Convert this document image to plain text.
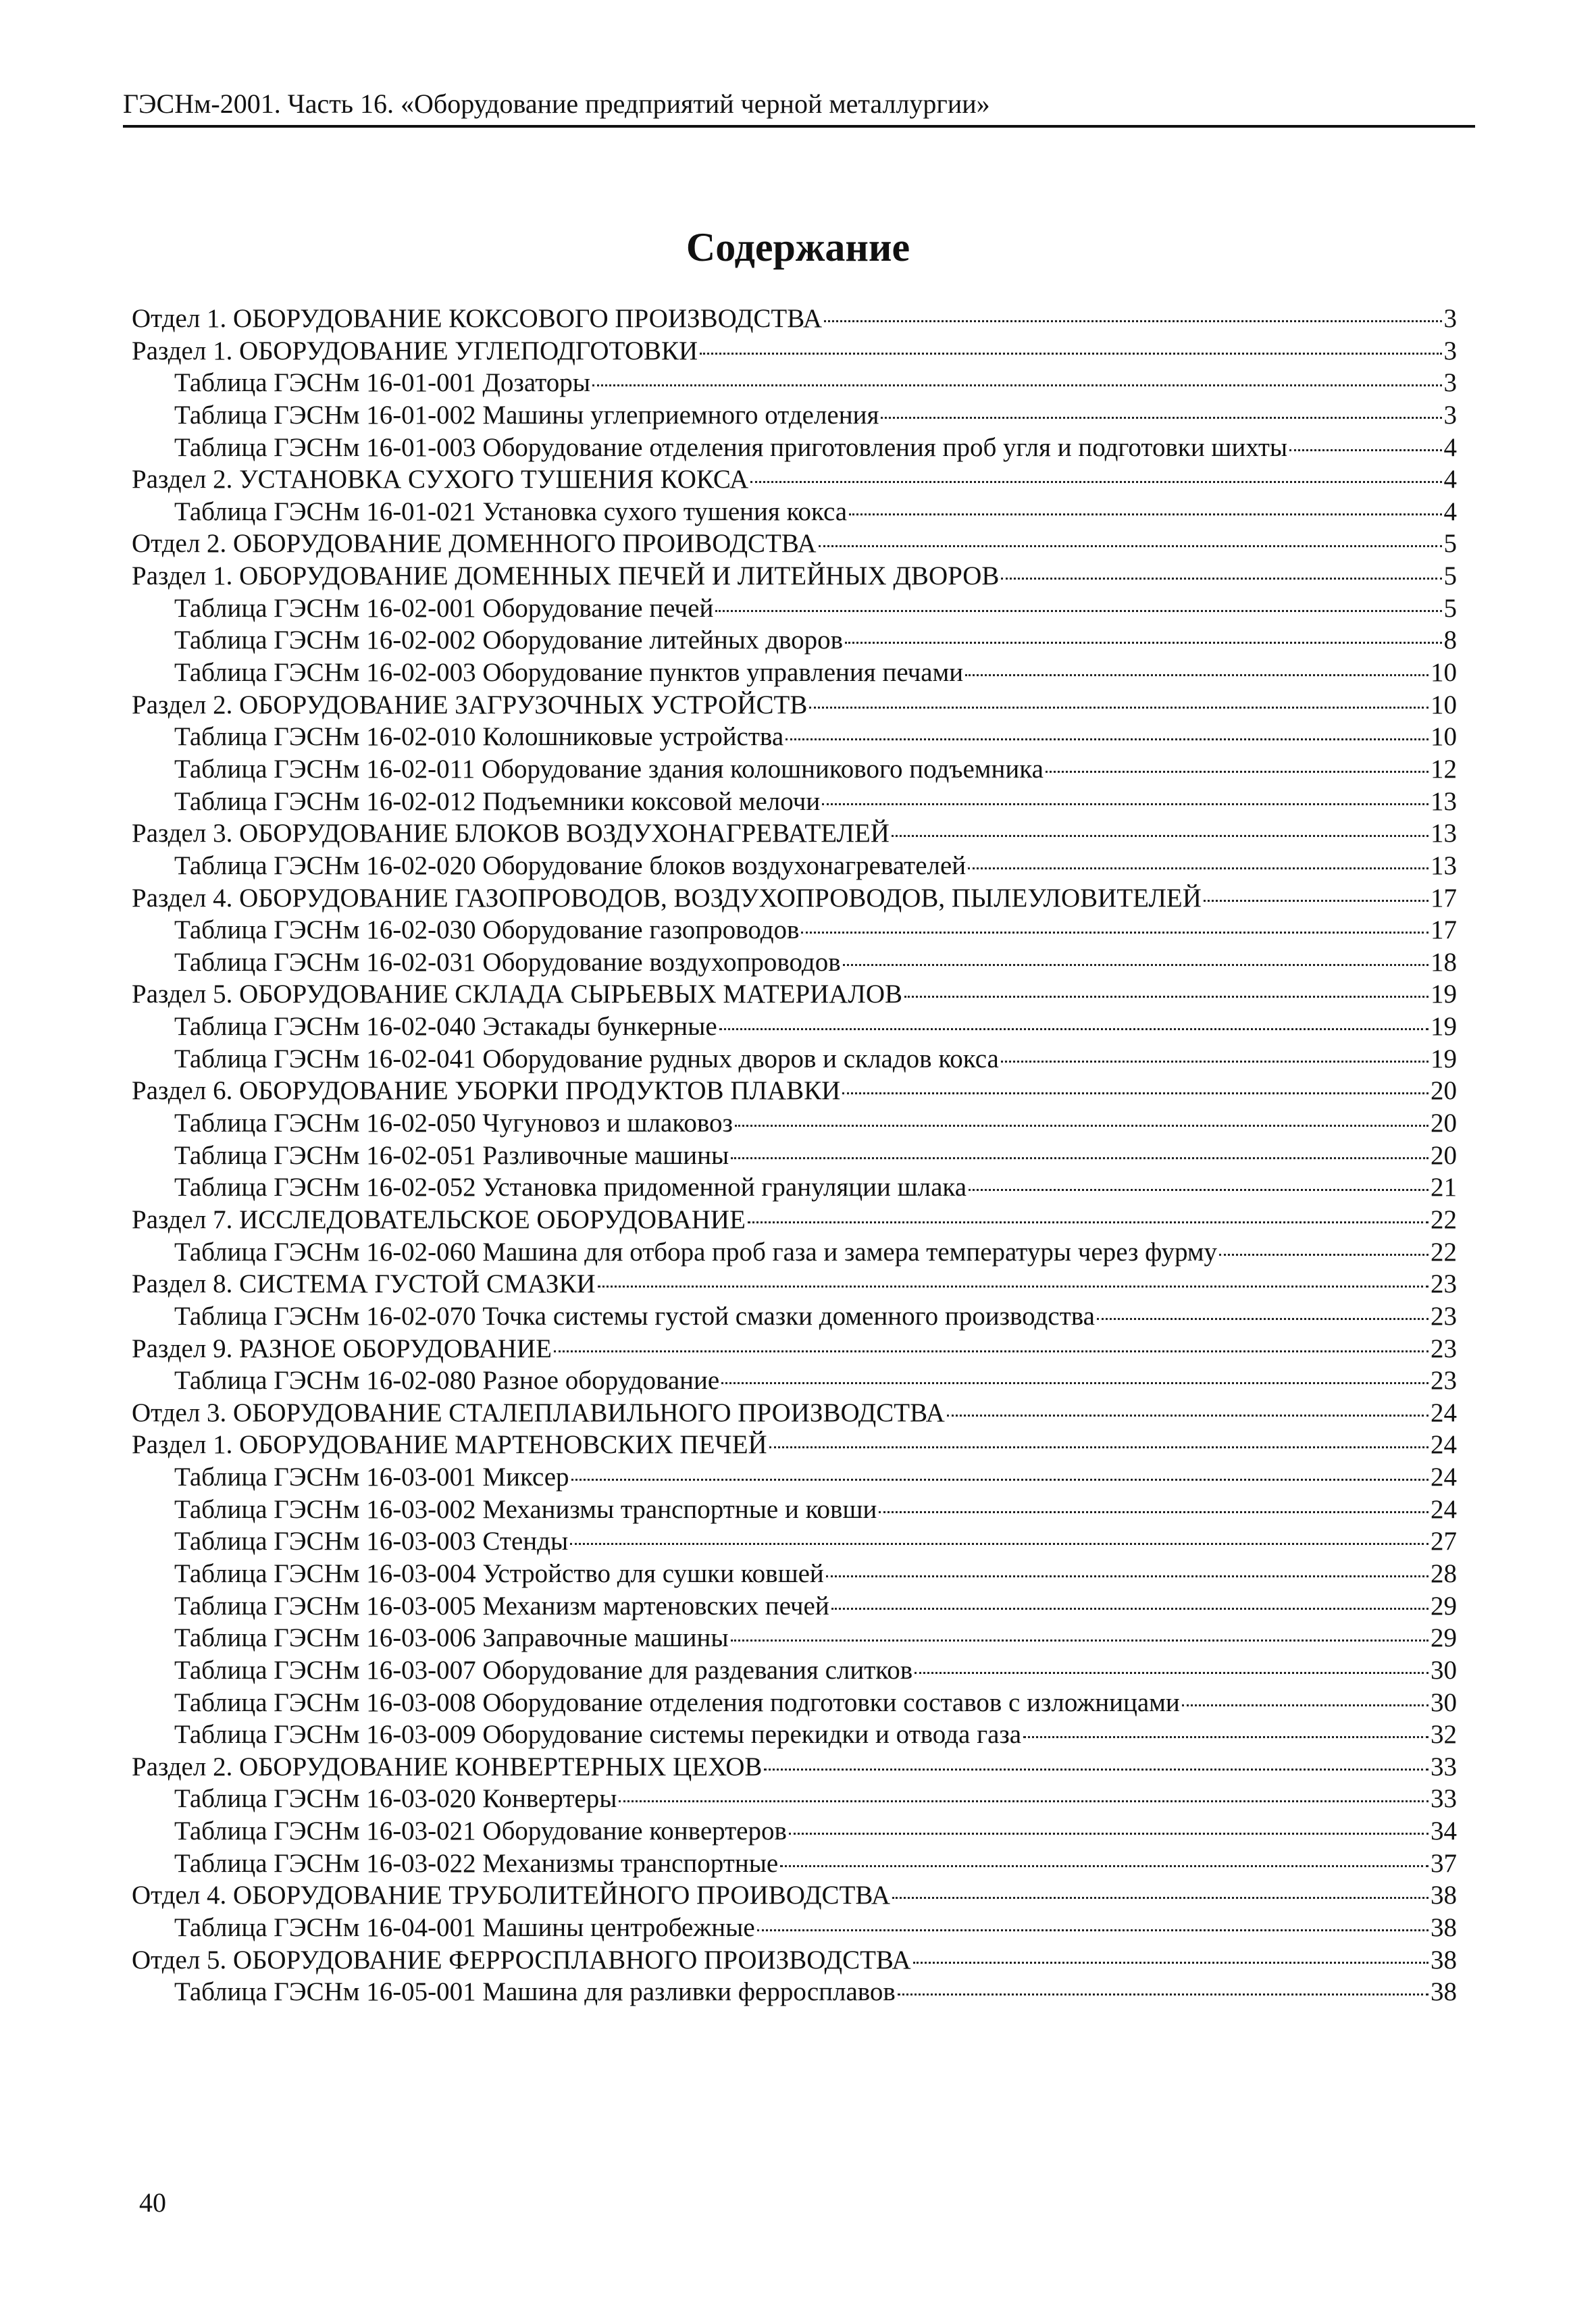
ГЭСНм-2001. Часть 16. «Оборудование предприятий черной металлургии»
Содержание
Отдел 1. ОБОРУДОВАНИЕ КОКСОВОГО ПРОИЗВОДСТВА	3
Раздел 1. ОБОРУДОВАНИЕ УГЛЕПОДГОТОВКИ	3
Таблица ГЭСНм 16-01-001 Дозаторы	3
Таблица ГЭСНм 16-01-002 Машины углеприемного отделения	3
Таблица ГЭСНм 16-01-003 Оборудование отделения приготовления проб угля и подготовки шихты	4
Раздел 2. УСТАНОВКА СУХОГО ТУШЕНИЯ КОКСА	4
Таблица ГЭСНм 16-01-021 Установка сухого тушения кокса	4
Отдел 2. ОБОРУДОВАНИЕ ДОМЕННОГО ПРОИВОДСТВА	5
Раздел 1. ОБОРУДОВАНИЕ ДОМЕННЫХ ПЕЧЕЙ И ЛИТЕЙНЫХ ДВОРОВ	5
Таблица ГЭСНм 16-02-001 Оборудование печей	5
Таблица ГЭСНм 16-02-002 Оборудование литейных дворов	8
Таблица ГЭСНм 16-02-003 Оборудование пунктов управления печами	10
Раздел 2. ОБОРУДОВАНИЕ ЗАГРУЗОЧНЫХ УСТРОЙСТВ	10
Таблица ГЭСНм 16-02-010 Колошниковые устройства	10
Таблица ГЭСНм 16-02-011 Оборудование здания колошникового подъемника	12
Таблица ГЭСНм 16-02-012 Подъемники коксовой мелочи	13
Раздел 3. ОБОРУДОВАНИЕ БЛОКОВ ВОЗДУХОНАГРЕВАТЕЛЕЙ	13
Таблица ГЭСНм 16-02-020 Оборудование блоков воздухонагревателей	13
Раздел 4. ОБОРУДОВАНИЕ ГАЗОПРОВОДОВ, ВОЗДУХОПРОВОДОВ, ПЫЛЕУЛОВИТЕЛЕЙ	17
Таблица ГЭСНм 16-02-030 Оборудование газопроводов	17
Таблица ГЭСНм 16-02-031 Оборудование воздухопроводов	18
Раздел 5. ОБОРУДОВАНИЕ СКЛАДА СЫРЬЕВЫХ МАТЕРИАЛОВ	19
Таблица ГЭСНм 16-02-040 Эстакады бункерные	19
Таблица ГЭСНм 16-02-041 Оборудование рудных дворов и складов кокса	19
Раздел 6. ОБОРУДОВАНИЕ УБОРКИ ПРОДУКТОВ ПЛАВКИ	20
Таблица ГЭСНм 16-02-050 Чугуновоз и шлаковоз	20
Таблица ГЭСНм 16-02-051 Разливочные машины	20
Таблица ГЭСНм 16-02-052 Установка придоменной грануляции шлака	21
Раздел 7. ИССЛЕДОВАТЕЛЬСКОЕ ОБОРУДОВАНИЕ	22
Таблица ГЭСНм 16-02-060 Машина для отбора проб газа и замера температуры через фурму	22
Раздел 8. СИСТЕМА ГУСТОЙ СМАЗКИ	23
Таблица ГЭСНм 16-02-070 Точка системы густой смазки доменного производства	23
Раздел 9. РАЗНОЕ ОБОРУДОВАНИЕ	23
Таблица ГЭСНм 16-02-080 Разное оборудование	23
Отдел 3. ОБОРУДОВАНИЕ СТАЛЕПЛАВИЛЬНОГО ПРОИЗВОДСТВА	24
Раздел 1. ОБОРУДОВАНИЕ МАРТЕНОВСКИХ ПЕЧЕЙ	24
Таблица ГЭСНм 16-03-001 Миксер	24
Таблица ГЭСНм 16-03-002 Механизмы транспортные и ковши	24
Таблица ГЭСНм 16-03-003 Стенды	27
Таблица ГЭСНм 16-03-004 Устройство для сушки ковшей	28
Таблица ГЭСНм 16-03-005 Механизм мартеновских печей	29
Таблица ГЭСНм 16-03-006 Заправочные машины	29
Таблица ГЭСНм 16-03-007 Оборудование для раздевания слитков	30
Таблица ГЭСНм 16-03-008 Оборудование отделения подготовки составов с изложницами	30
Таблица ГЭСНм 16-03-009 Оборудование системы перекидки и отвода газа	32
Раздел 2. ОБОРУДОВАНИЕ КОНВЕРТЕРНЫХ ЦЕХОВ	33
Таблица ГЭСНм 16-03-020 Конвертеры	33
Таблица ГЭСНм 16-03-021 Оборудование конвертеров	34
Таблица ГЭСНм 16-03-022 Механизмы транспортные	37
Отдел 4. ОБОРУДОВАНИЕ ТРУБОЛИТЕЙНОГО ПРОИВОДСТВА	38
Таблица ГЭСНм 16-04-001 Машины центробежные	38
Отдел 5. ОБОРУДОВАНИЕ ФЕРРОСПЛАВНОГО ПРОИЗВОДСТВА	38
Таблица ГЭСНм 16-05-001 Машина для разливки ферросплавов	38
40
